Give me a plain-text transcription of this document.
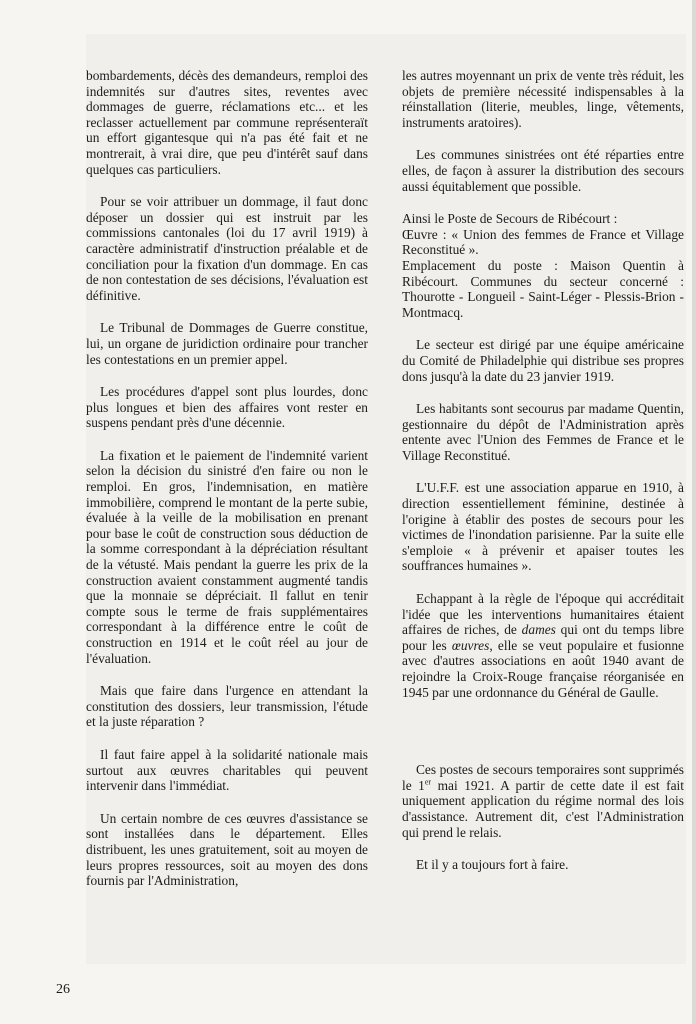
bombardements, décès des demandeurs, remploi des indemnités sur d'autres sites, reventes avec dommages de guerre, réclamations etc... et les reclasser actuellement par commune représenteraït un effort gigantesque qui n'a pas été fait et ne montrerait, à vrai dire, que peu d'intérêt sauf dans quelques cas particuliers.

Pour se voir attribuer un dommage, il faut donc déposer un dossier qui est instruit par les commissions cantonales (loi du 17 avril 1919) à caractère administratif d'instruction préalable et de conciliation pour la fixation d'un dommage. En cas de non contestation de ses décisions, l'évaluation est définitive.

Le Tribunal de Dommages de Guerre constitue, lui, un organe de juridiction ordinaire pour trancher les contestations en un premier appel.

Les procédures d'appel sont plus lourdes, donc plus longues et bien des affaires vont rester en suspens pendant près d'une décennie.

La fixation et le paiement de l'indemnité varient selon la décision du sinistré d'en faire ou non le remploi. En gros, l'indemnisation, en matière immobilière, comprend le montant de la perte subie, évaluée à la veille de la mobilisation en prenant pour base le coût de construction sous déduction de la somme correspondant à la dépréciation résultant de la vétusté. Mais pendant la guerre les prix de la construction avaient constamment augmenté tandis que la monnaie se dépréciait. Il fallut en tenir compte sous le terme de frais supplémentaires correspondant à la différence entre le coût de construction en 1914 et le coût réel au jour de l'évaluation.

Mais que faire dans l'urgence en attendant la constitution des dossiers, leur transmission, l'étude et la juste réparation ?

Il faut faire appel à la solidarité nationale mais surtout aux œuvres charitables qui peuvent intervenir dans l'immédiat.

Un certain nombre de ces œuvres d'assistance se sont installées dans le département. Elles distribuent, les unes gratuitement, soit au moyen de leurs propres ressources, soit au moyen des dons fournis par l'Administration,

les autres moyennant un prix de vente très réduit, les objets de première nécessité indispensables à la réinstallation (literie, meubles, linge, vêtements, instruments aratoires).

Les communes sinistrées ont été réparties entre elles, de façon à assurer la distribution des secours aussi équitablement que possible.

Ainsi le Poste de Secours de Ribécourt :
Œuvre : « Union des femmes de France et Village Reconstitué ».
Emplacement du poste : Maison Quentin à Ribécourt. Communes du secteur concerné : Thourotte - Longueil - Saint-Léger - Plessis-Brion - Montmacq.

Le secteur est dirigé par une équipe américaine du Comité de Philadelphie qui distribue ses propres dons jusqu'à la date du 23 janvier 1919.

Les habitants sont secourus par madame Quentin, gestionnaire du dépôt de l'Administration après entente avec l'Union des Femmes de France et le Village Reconstitué.

L'U.F.F. est une association apparue en 1910, à direction essentiellement féminine, destinée à l'origine à établir des postes de secours pour les victimes de l'inondation parisienne. Par la suite elle s'emploie « à prévenir et apaiser toutes les souffrances humaines ».

Echappant à la règle de l'époque qui accréditait l'idée que les interventions humanitaires étaient affaires de riches, de dames qui ont du temps libre pour les œuvres, elle se veut populaire et fusionne avec d'autres associations en août 1940 avant de rejoindre la Croix-Rouge française réorganisée en 1945 par une ordonnance du Général de Gaulle.

Ces postes de secours temporaires sont supprimés le 1er mai 1921. A partir de cette date il est fait uniquement application du régime normal des lois d'assistance. Autrement dit, c'est l'Administration qui prend le relais.

Et il y a toujours fort à faire.

26
